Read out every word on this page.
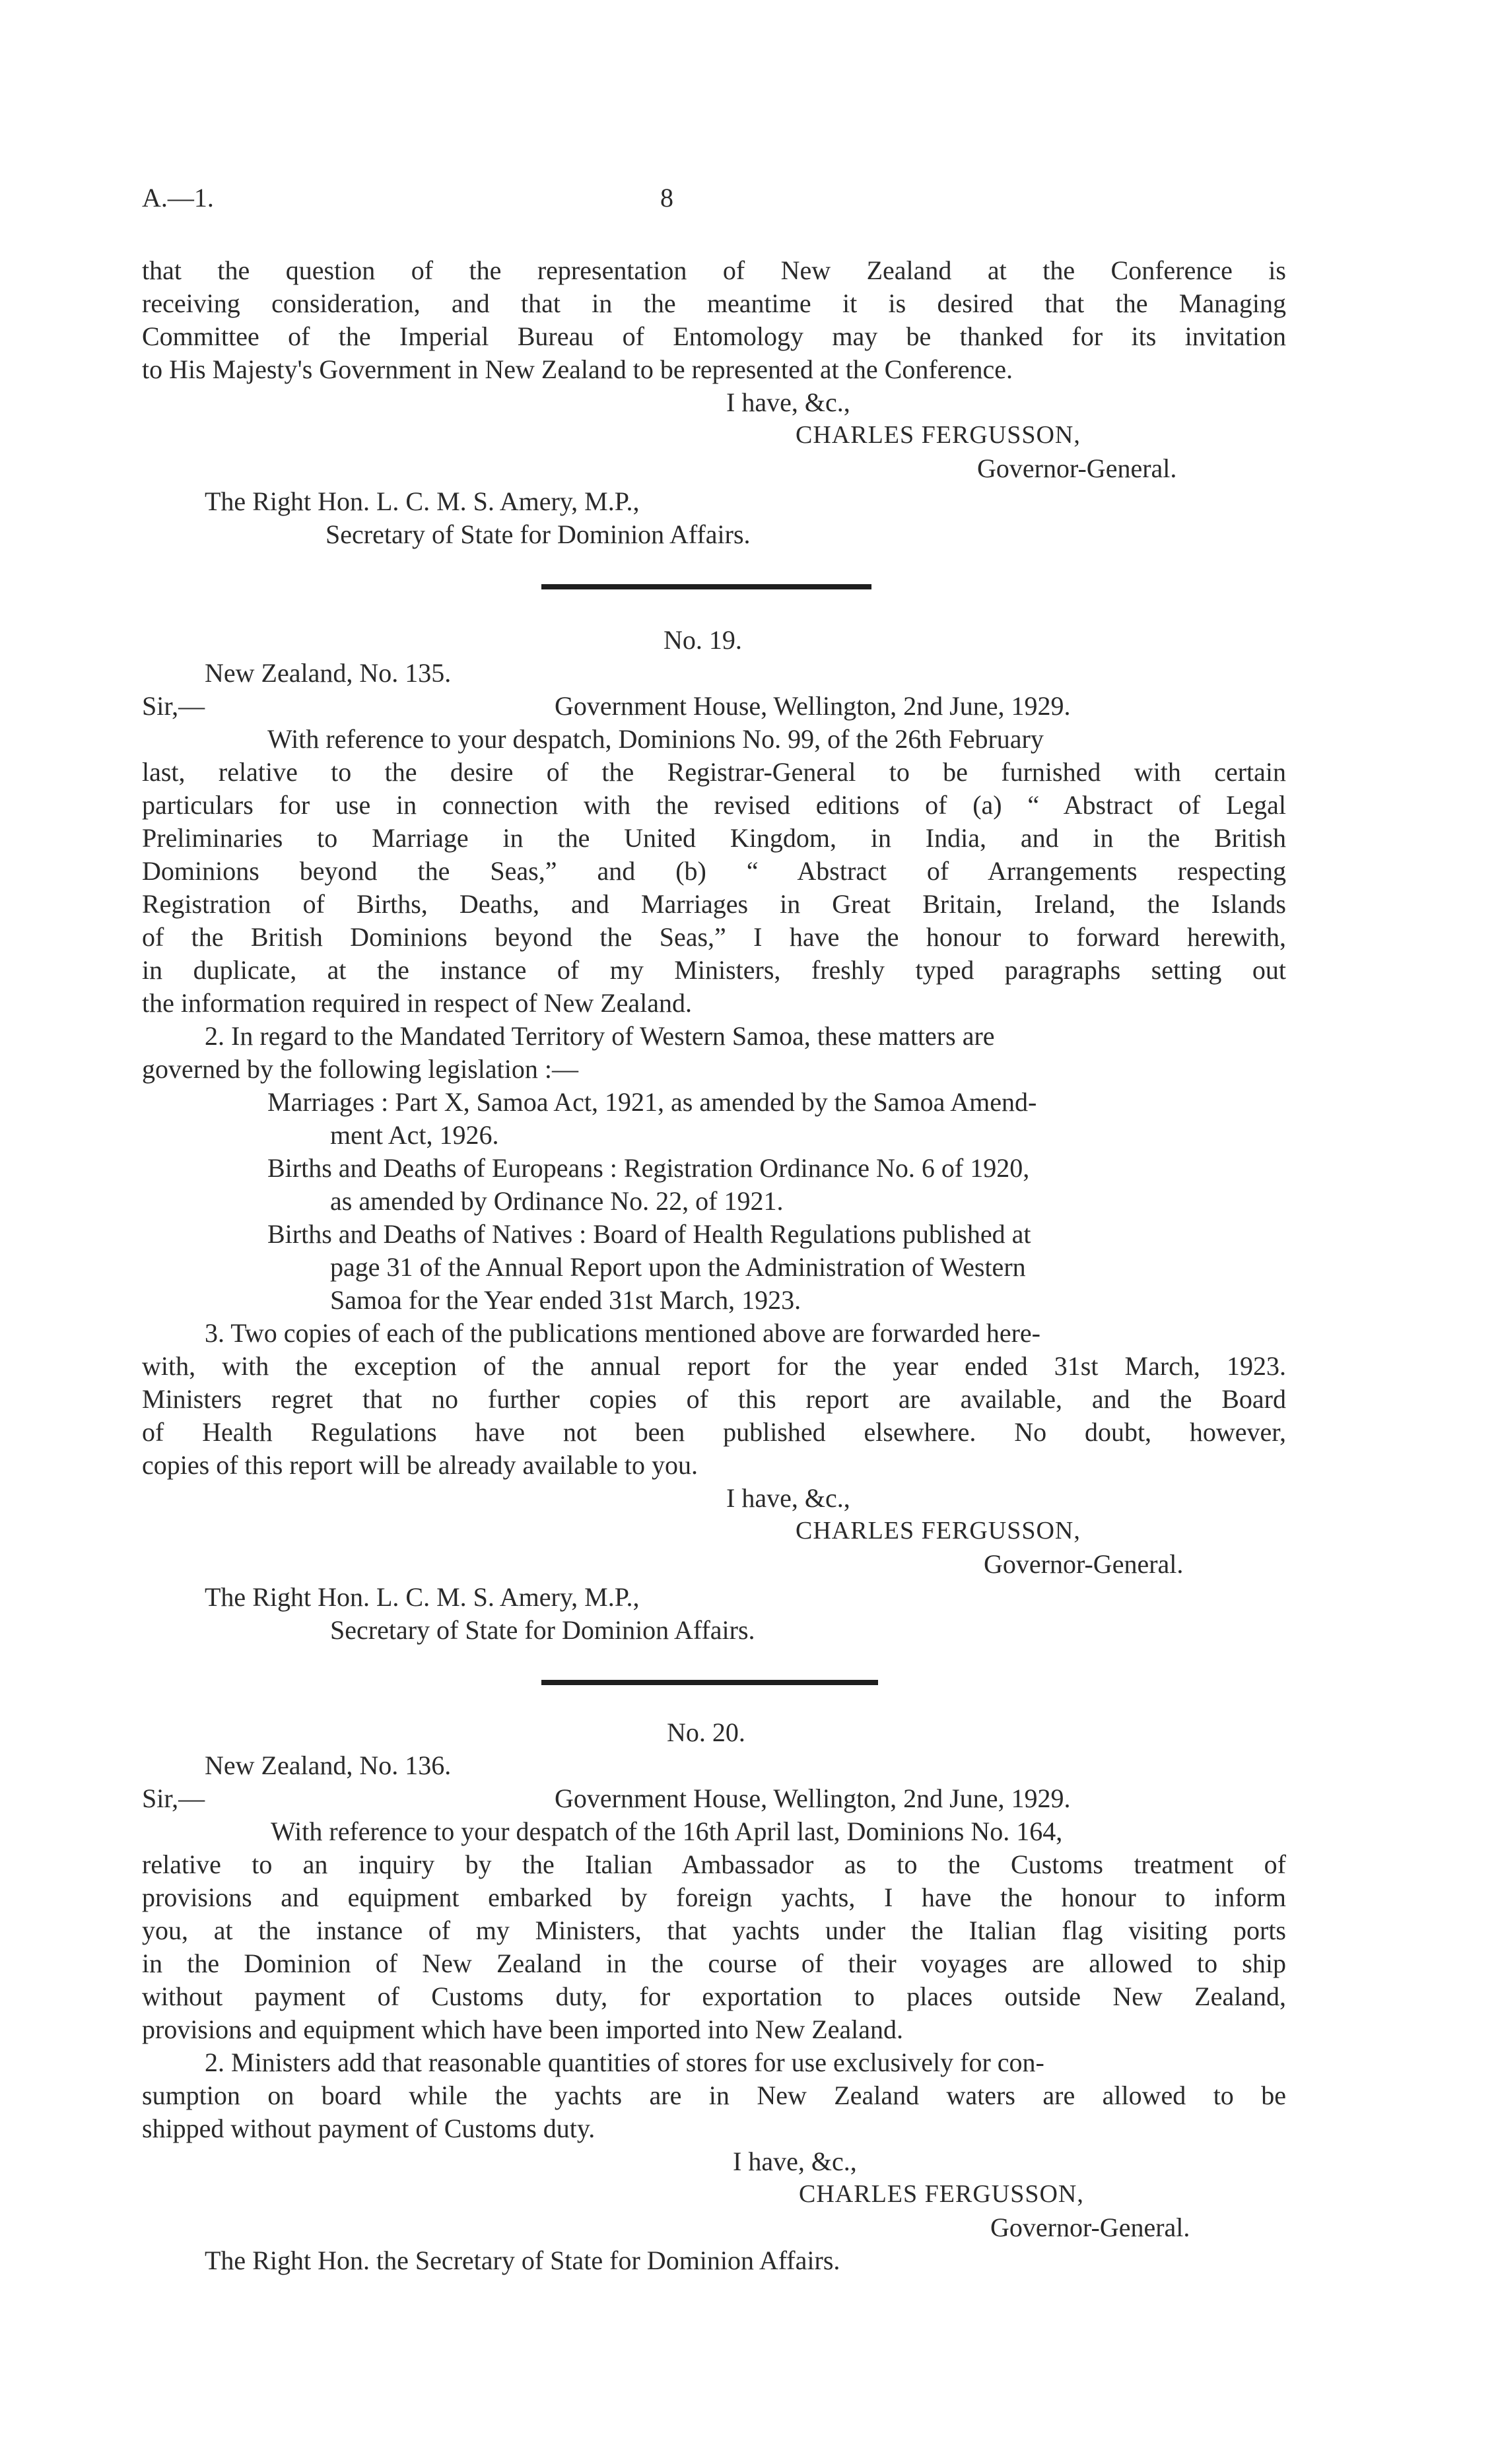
A.—1.	8
that the question of the representation of New Zealand at the Conference is
receiving consideration, and that in the meantime it is desired that the Managing
Committee of the Imperial Bureau of Entomology may be thanked for its invitation
to His Majesty's Government in New Zealand to be represented at the Conference.
I have, &c.,
CHARLES FERGUSSON,
Governor-General.
The Right Hon. L. C. M. S. Amery, M.P.,
Secretary of State for Dominion Affairs.
No. 19.
New Zealand, No. 135.
Sir,—	Government House, Wellington, 2nd June, 1929.
With reference to your despatch, Dominions No. 99, of the 26th February
last, relative to the desire of the Registrar-General to be furnished with certain
particulars for use in connection with the revised editions of (a) “ Abstract of Legal
Preliminaries to Marriage in the United Kingdom, in India, and in the British
Dominions beyond the Seas,” and (b) “ Abstract of Arrangements respecting
Registration of Births, Deaths, and Marriages in Great Britain, Ireland, the Islands
of the British Dominions beyond the Seas,” I have the honour to forward herewith,
in duplicate, at the instance of my Ministers, freshly typed paragraphs setting out
the information required in respect of New Zealand.
2. In regard to the Mandated Territory of Western Samoa, these matters are
governed by the following legislation :—
Marriages : Part X, Samoa Act, 1921, as amended by the Samoa Amend-
ment Act, 1926.
Births and Deaths of Europeans : Registration Ordinance No. 6 of 1920,
as amended by Ordinance No. 22, of 1921.
Births and Deaths of Natives : Board of Health Regulations published at
page 31 of the Annual Report upon the Administration of Western
Samoa for the Year ended 31st March, 1923.
3. Two copies of each of the publications mentioned above are forwarded here-
with, with the exception of the annual report for the year ended 31st March, 1923.
Ministers regret that no further copies of this report are available, and the Board
of Health Regulations have not been published elsewhere. No doubt, however,
copies of this report will be already available to you.
I have, &c.,
CHARLES FERGUSSON,
Governor-General.
The Right Hon. L. C. M. S. Amery, M.P.,
Secretary of State for Dominion Affairs.
No. 20.
New Zealand, No. 136.
Sir,—	Government House, Wellington, 2nd June, 1929.
With reference to your despatch of the 16th April last, Dominions No. 164,
relative to an inquiry by the Italian Ambassador as to the Customs treatment of
provisions and equipment embarked by foreign yachts, I have the honour to inform
you, at the instance of my Ministers, that yachts under the Italian flag visiting ports
in the Dominion of New Zealand in the course of their voyages are allowed to ship
without payment of Customs duty, for exportation to places outside New Zealand,
provisions and equipment which have been imported into New Zealand.
2. Ministers add that reasonable quantities of stores for use exclusively for con-
sumption on board while the yachts are in New Zealand waters are allowed to be
shipped without payment of Customs duty.
I have, &c.,
CHARLES FERGUSSON,
Governor-General.
The Right Hon. the Secretary of State for Dominion Affairs.
